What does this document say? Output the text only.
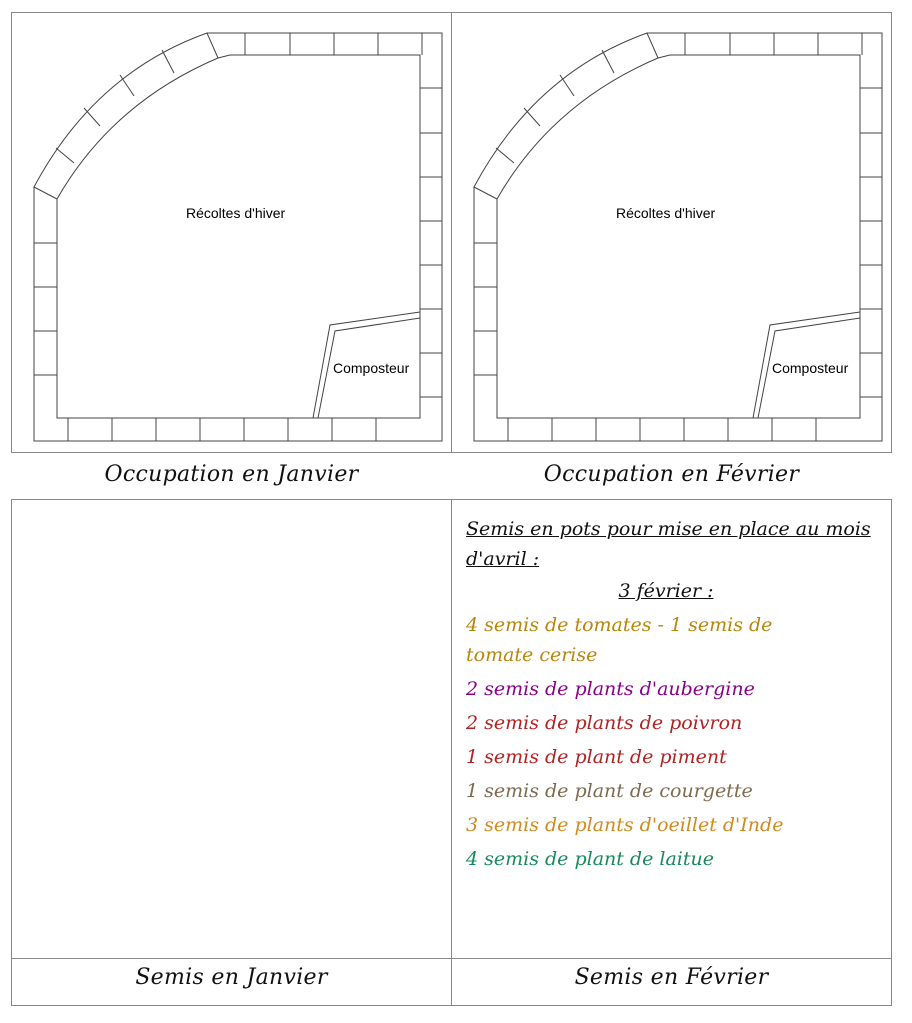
Récoltes d'hiver
Composteur
Récoltes d'hiver
Composteur
Occupation en Janvier	Occupation en Février
Semis en Janvier	Semis en Février

Semis en pots pour mise en place au mois d'avril :

3 février :

4 semis de tomates - 1 semis de tomate cerise

2 semis de plants d'aubergine

2 semis de plants de poivron

1 semis de plant de piment

1 semis de plant de courgette

3 semis de plants d'oeillet d'Inde

4 semis de plant de laitue
